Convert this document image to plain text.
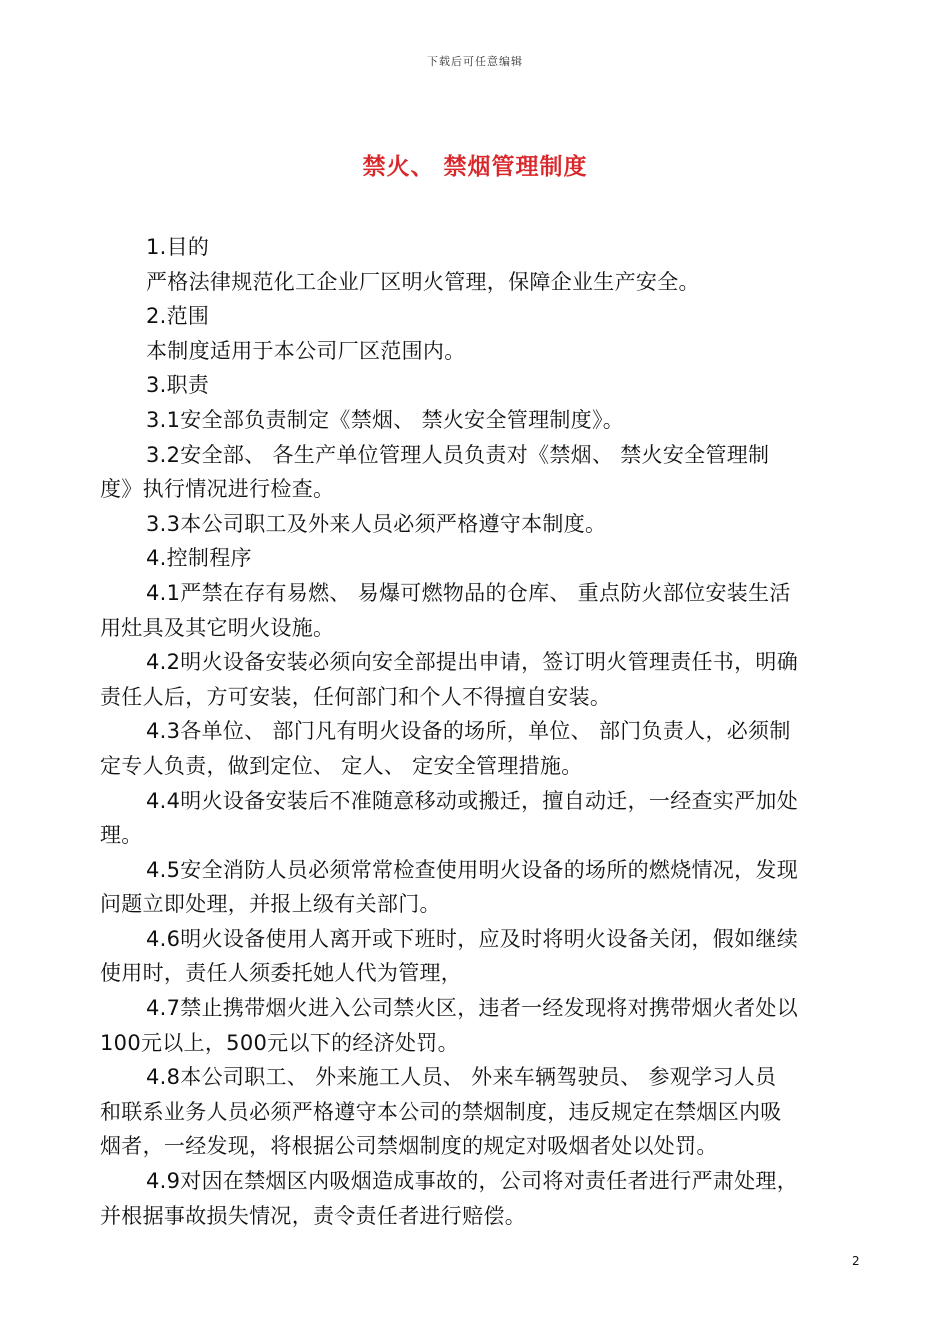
下载后可任意编辑
禁火、 禁烟管理制度
1.目的
严格法律规范化工企业厂区明火管理，保障企业生产安全。
2.范围
本制度适用于本公司厂区范围内。
3.职责
3.1安全部负责制定《禁烟、 禁火安全管理制度》。
3.2安全部、 各生产单位管理人员负责对《禁烟、 禁火安全管理制
度》执行情况进行检查。
3.3本公司职工及外来人员必须严格遵守本制度。
4.控制程序
4.1严禁在存有易燃、 易爆可燃物品的仓库、 重点防火部位安装生活
用灶具及其它明火设施。
4.2明火设备安装必须向安全部提出申请，签订明火管理责任书，明确
责任人后，方可安装，任何部门和个人不得擅自安装。
4.3各单位、 部门凡有明火设备的场所，单位、 部门负责人，必须制
定专人负责，做到定位、 定人、 定安全管理措施。
4.4明火设备安装后不准随意移动或搬迁，擅自动迁，一经查实严加处
理。
4.5安全消防人员必须常常检查使用明火设备的场所的燃烧情况，发现
问题立即处理，并报上级有关部门。
4.6明火设备使用人离开或下班时，应及时将明火设备关闭，假如继续
使用时，责任人须委托她人代为管理，
4.7禁止携带烟火进入公司禁火区，违者一经发现将对携带烟火者处以
100元以上，500元以下的经济处罚。
4.8本公司职工、 外来施工人员、 外来车辆驾驶员、 参观学习人员
和联系业务人员必须严格遵守本公司的禁烟制度，违反规定在禁烟区内吸
烟者，一经发现，将根据公司禁烟制度的规定对吸烟者处以处罚。
4.9对因在禁烟区内吸烟造成事故的，公司将对责任者进行严肃处理，
并根据事故损失情况，责令责任者进行赔偿。
2
